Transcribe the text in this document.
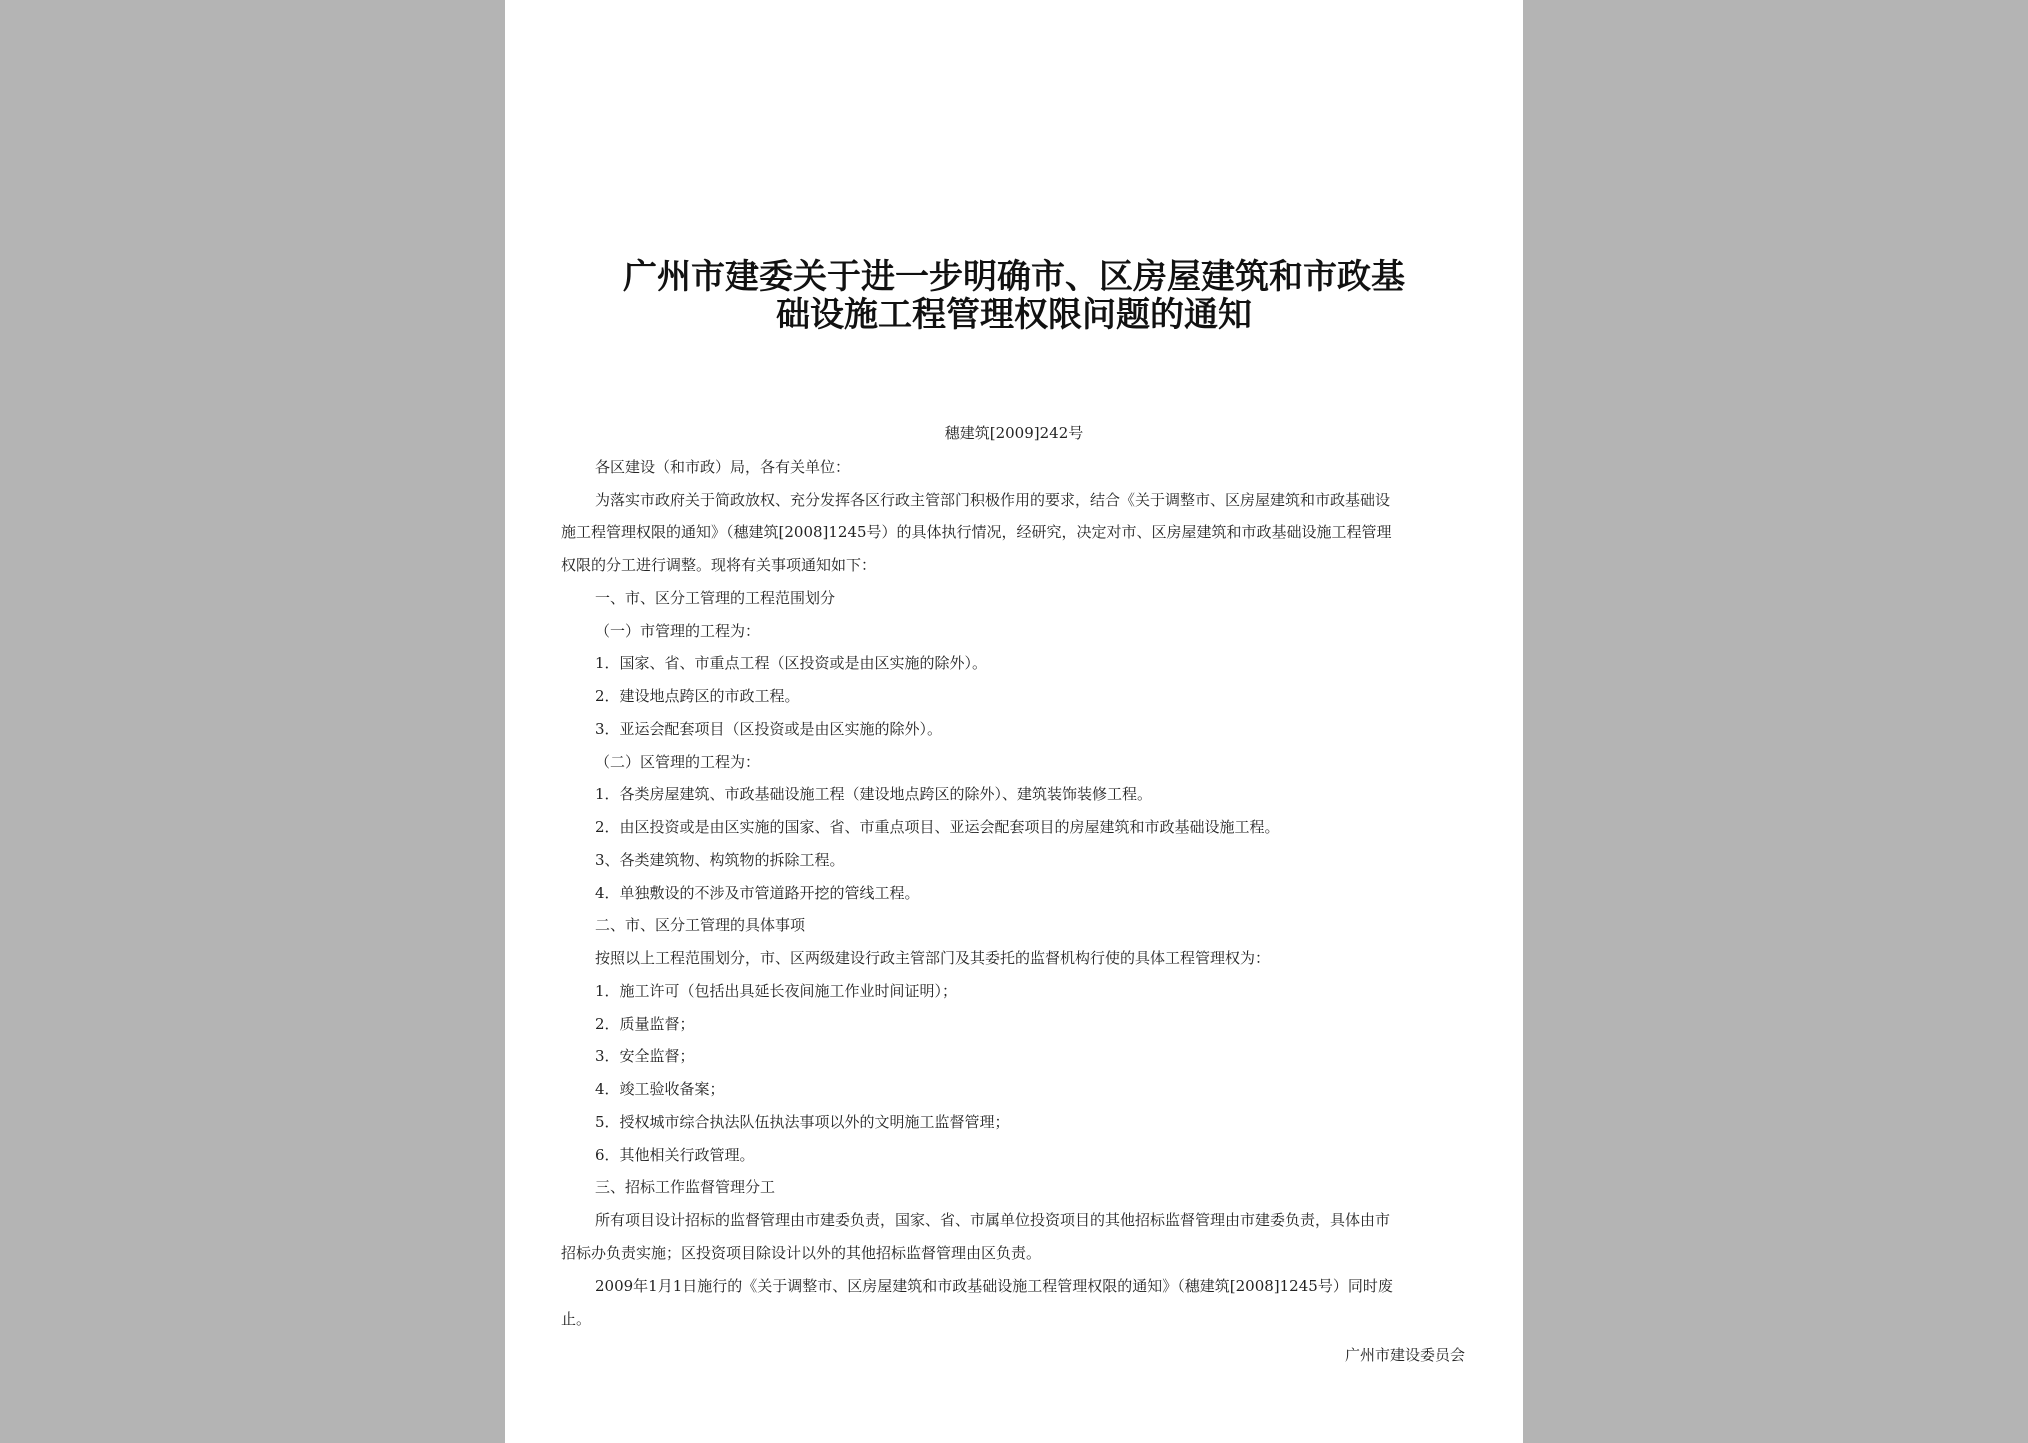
广州市建委关于进一步明确市、区房屋建筑和市政基
础设施工程管理权限问题的通知
穗建筑[2009]242号
各区建设（和市政）局，各有关单位：
为落实市政府关于简政放权、充分发挥各区行政主管部门积极作用的要求，结合《关于调整市、区房屋建筑和市政基础设
施工程管理权限的通知》（穗建筑[2008]1245号）的具体执行情况，经研究，决定对市、区房屋建筑和市政基础设施工程管理
权限的分工进行调整。现将有关事项通知如下：
一、市、区分工管理的工程范围划分
（一）市管理的工程为：
1．国家、省、市重点工程（区投资或是由区实施的除外）。
2．建设地点跨区的市政工程。
3．亚运会配套项目（区投资或是由区实施的除外）。
（二）区管理的工程为：
1．各类房屋建筑、市政基础设施工程（建设地点跨区的除外）、建筑装饰装修工程。
2．由区投资或是由区实施的国家、省、市重点项目、亚运会配套项目的房屋建筑和市政基础设施工程。
3、各类建筑物、构筑物的拆除工程。
4．单独敷设的不涉及市管道路开挖的管线工程。
二、市、区分工管理的具体事项
按照以上工程范围划分，市、区两级建设行政主管部门及其委托的监督机构行使的具体工程管理权为：
1．施工许可（包括出具延长夜间施工作业时间证明）；
2．质量监督；
3．安全监督；
4．竣工验收备案；
5．授权城市综合执法队伍执法事项以外的文明施工监督管理；
6．其他相关行政管理。
三、招标工作监督管理分工
所有项目设计招标的监督管理由市建委负责，国家、省、市属单位投资项目的其他招标监督管理由市建委负责，具体由市
招标办负责实施；区投资项目除设计以外的其他招标监督管理由区负责。
2009年1月1日施行的《关于调整市、区房屋建筑和市政基础设施工程管理权限的通知》（穗建筑[2008]1245号）同时废
止。
广州市建设委员会
